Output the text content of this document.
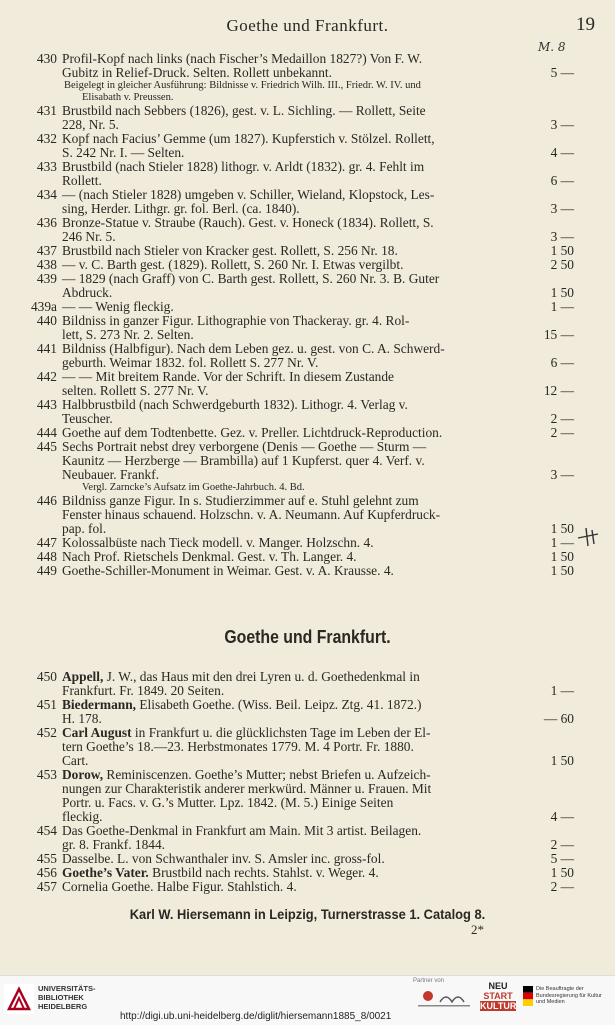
Goethe und Frankfurt.	19
M. 8
430 Profil-Kopf nach links (nach Fischer’s Medaillon 1827?) Von F. W.
Gubitz in Relief-Druck. Selten. Rollett unbekannt.	5 —
Beigelegt in gleicher Ausführung: Bildnisse v. Friedrich Wilh. III., Friedr. W. IV. und
Elisabath v. Preussen.
431 Brustbild nach Sebbers (1826), gest. v. L. Sichling. — Rollett, Seite
228, Nr. 5.	3 —
432 Kopf nach Facius’ Gemme (um 1827). Kupferstich v. Stölzel. Rollett,
S. 242 Nr. I. — Selten.	4 —
433 Brustbild (nach Stieler 1828) lithogr. v. Arldt (1832). gr. 4. Fehlt im
Rollett.	6 —
434 — (nach Stieler 1828) umgeben v. Schiller, Wieland, Klopstock, Les-
sing, Herder. Lithgr. gr. fol. Berl. (ca. 1840).	3 —
436 Bronze-Statue v. Straube (Rauch). Gest. v. Honeck (1834). Rollett, S.
246 Nr. 5.	3 —
437 Brustbild nach Stieler von Kracker gest. Rollett, S. 256 Nr. 18.	1 50
438 — v. C. Barth gest. (1829). Rollett, S. 260 Nr. I. Etwas vergilbt.	2 50
439 — 1829 (nach Graff) von C. Barth gest. Rollett, S. 260 Nr. 3. B. Guter
Abdruck.	1 50
439a — — Wenig fleckig.	1 —
440 Bildniss in ganzer Figur. Lithographie von Thackeray. gr. 4. Rol-
lett, S. 273 Nr. 2. Selten.	15 —
441 Bildniss (Halbfigur). Nach dem Leben gez. u. gest. von C. A. Schwerd-
geburth. Weimar 1832. fol. Rollett S. 277 Nr. V.	6 —
442 — — Mit breitem Rande. Vor der Schrift. In diesem Zustande
selten. Rollett S. 277 Nr. V.	12 —
443 Halbbrustbild (nach Schwerdgeburth 1832). Lithogr. 4. Verlag v.
Teuscher.	2 —
444 Goethe auf dem Todtenbette. Gez. v. Preller. Lichtdruck-Reproduction.	2 —
445 Sechs Portrait nebst drey verborgene (Denis — Goethe — Sturm —
Kaunitz — Herzberge — Brambilla) auf 1 Kupferst. quer 4. Verf. v.
Neubauer. Frankf.	3 —
Vergl. Zarncke’s Aufsatz im Goethe-Jahrbuch. 4. Bd.
446 Bildniss ganze Figur. In s. Studierzimmer auf e. Stuhl gelehnt zum
Fenster hinaus schauend. Holzschn. v. A. Neumann. Auf Kupferdruck-
pap. fol.	1 50
447 Kolossalbüste nach Tieck modell. v. Manger. Holzschn. 4.	1 —
448 Nach Prof. Rietschels Denkmal. Gest. v. Th. Langer. 4.	1 50
449 Goethe-Schiller-Monument in Weimar. Gest. v. A. Krausse. 4.	1 50
Goethe und Frankfurt.
450 Appell, J. W., das Haus mit den drei Lyren u. d. Goethedenkmal in
Frankfurt. Fr. 1849. 20 Seiten.	1 —
451 Biedermann, Elisabeth Goethe. (Wiss. Beil. Leipz. Ztg. 41. 1872.)
H. 178.	— 60
452 Carl August in Frankfurt u. die glücklichsten Tage im Leben der El-
tern Goethe’s 18.—23. Herbstmonates 1779. M. 4 Portr. Fr. 1880.
Cart.	1 50
453 Dorow, Reminiscenzen. Goethe’s Mutter; nebst Briefen u. Aufzeich-
nungen zur Charakteristik anderer merkwürd. Männer u. Frauen. Mit
Portr. u. Facs. v. G.’s Mutter. Lpz. 1842. (M. 5.) Einige Seiten
fleckig.	4 —
454 Das Goethe-Denkmal in Frankfurt am Main. Mit 3 artist. Beilagen.
gr. 8. Frankf. 1844.	2 —
455 Dasselbe. L. von Schwanthaler inv. S. Amsler inc. gross-fol.	5 —
456 Goethe’s Vater. Brustbild nach rechts. Stahlst. v. Weger. 4.	1 50
457 Cornelia Goethe. Halbe Figur. Stahlstich. 4.	2 —
Karl W. Hiersemann in Leipzig, Turnerstrasse 1. Catalog 8.
2*
UNIVERSITÄTS-
BIBLIOTHEK
HEIDELBERG
http://digi.ub.uni-heidelberg.de/diglit/hiersemann1885_8/0021
Partner von	NEU
START
KULTUR
Die Beauftragte der Bundesregierung für Kultur und Medien
